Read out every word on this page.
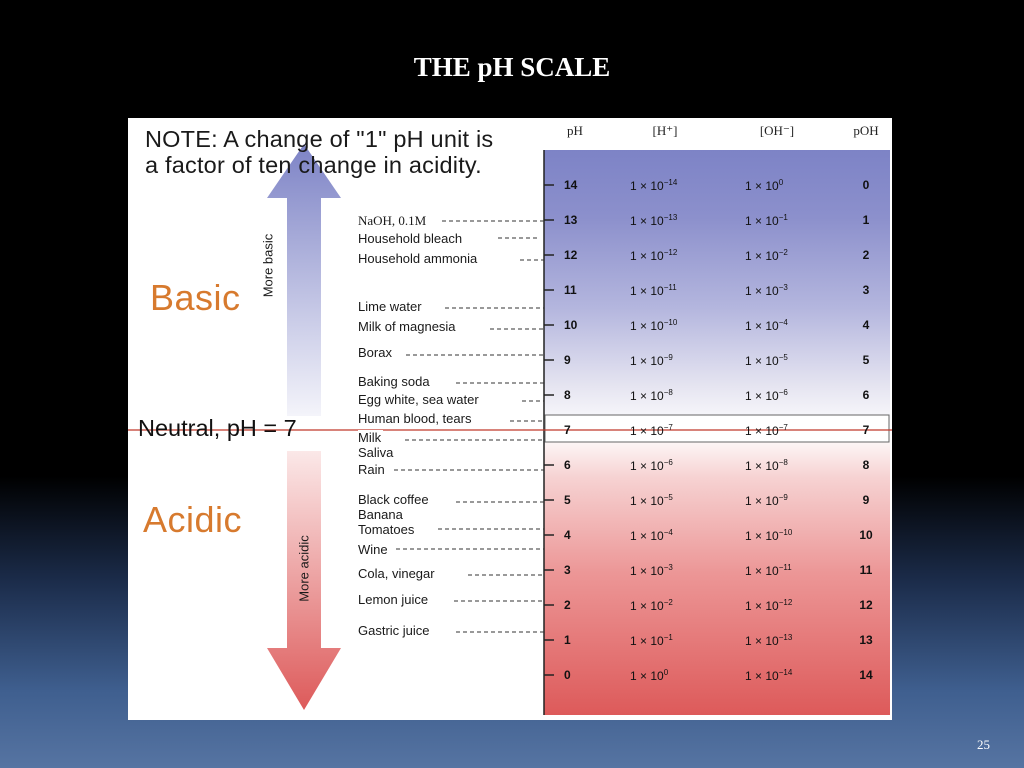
THE pH SCALE
NOTE: A change of "1" pH unit is a factor of ten change in acidity.
Basic
Acidic
Neutral, pH = 7
More basic
More acidic
NaOH, 0.1M
Household bleach
Household ammonia
Lime water
Milk of magnesia
Borax
Baking soda
Egg white, sea water
Human blood, tears
Milk
Saliva
Rain
Black coffee
Banana
Tomatoes
Wine
Cola, vinegar
Lemon juice
Gastric juice
pH	[H⁺]	[OH⁻]	pOH
14	$1 \times 10^{-14}$	$1 \times 10^0$	0
13	$1 \times 10^{-13}$	$1 \times 10^{-1}$	1
12	$1 \times 10^{-12}$	$1 \times 10^{-2}$	2
11	$1 \times 10^{-11}$	$1 \times 10^{-3}$	3
10	$1 \times 10^{-10}$	$1 \times 10^{-4}$	4
9	$1 \times 10^{-9}$	$1 \times 10^{-5}$	5
8	$1 \times 10^{-8}$	$1 \times 10^{-6}$	6
7	$1 \times 10^{-7}$	$1 \times 10^{-7}$	7
6	$1 \times 10^{-6}$	$1 \times 10^{-8}$	8
5	$1 \times 10^{-5}$	$1 \times 10^{-9}$	9
4	$1 \times 10^{-4}$	$1 \times 10^{-10}$	10
3	$1 \times 10^{-3}$	$1 \times 10^{-11}$	11
2	$1 \times 10^{-2}$	$1 \times 10^{-12}$	12
1	$1 \times 10^{-1}$	$1 \times 10^{-13}$	13
0	$1 \times 10^0$	$1 \times 10^{-14}$	14
25
